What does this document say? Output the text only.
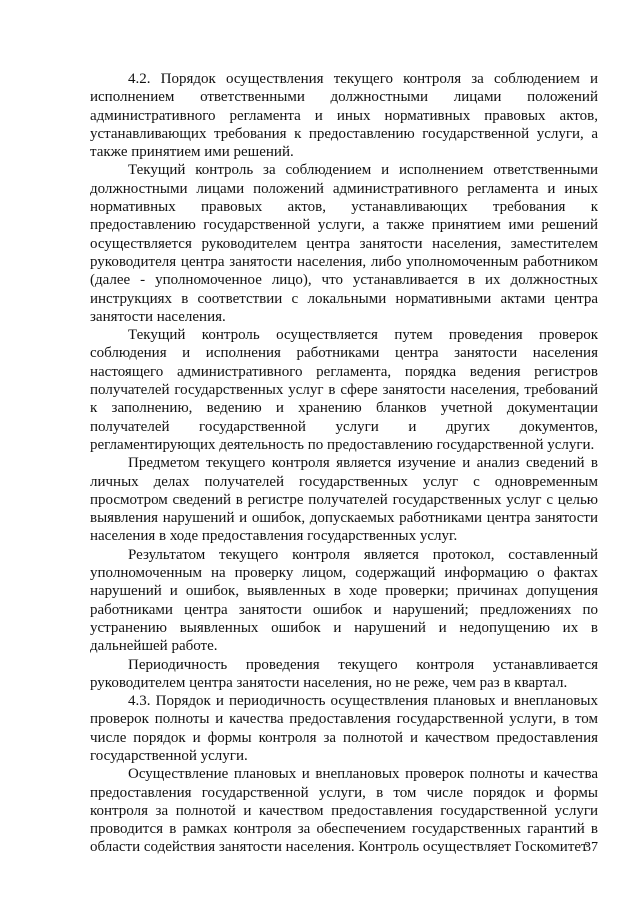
4.2. Порядок осуществления текущего контроля за соблюдением и исполнением ответственными должностными лицами положений административного регламента и иных нормативных правовых актов, устанавливающих требования к предоставлению государственной услуги, а также принятием ими решений.

Текущий контроль за соблюдением и исполнением ответственными должностными лицами положений административного регламента и иных нормативных правовых актов, устанавливающих требования к предоставлению государственной услуги, а также принятием ими решений осуществляется руководителем центра занятости населения, заместителем руководителя центра занятости населения, либо уполномоченным работником (далее - уполномоченное лицо), что устанавливается в их должностных инструкциях в соответствии с локальными нормативными актами центра занятости населения.

Текущий контроль осуществляется путем проведения проверок соблюдения и исполнения работниками центра занятости населения настоящего административного регламента, порядка ведения регистров получателей государственных услуг в сфере занятости населения, требований к заполнению, ведению и хранению бланков учетной документации получателей государственной услуги и других документов, регламентирующих деятельность по предоставлению государственной услуги.

Предметом текущего контроля является изучение и анализ сведений в личных делах получателей государственных услуг с одновременным просмотром сведений в регистре получателей государственных услуг с целью выявления нарушений и ошибок, допускаемых работниками центра занятости населения в ходе предоставления государственных услуг.

Результатом текущего контроля является протокол, составленный уполномоченным на проверку лицом, содержащий информацию о фактах нарушений и ошибок, выявленных в ходе проверки; причинах допущения работниками центра занятости ошибок и нарушений; предложениях по устранению выявленных ошибок и нарушений и недопущению их в дальнейшей работе.

Периодичность проведения текущего контроля устанавливается руководителем центра занятости населения, но не реже, чем раз в квартал.

4.3. Порядок и периодичность осуществления плановых и внеплановых проверок полноты и качества предоставления государственной услуги, в том числе порядок и формы контроля за полнотой и качеством предоставления государственной услуги.

Осуществление плановых и внеплановых проверок полноты и качества предоставления государственной услуги, в том числе порядок и формы контроля за полнотой и качеством предоставления государственной услуги проводится в рамках контроля за обеспечением государственных гарантий в области содействия занятости населения. Контроль осуществляет Госкомитет

37
